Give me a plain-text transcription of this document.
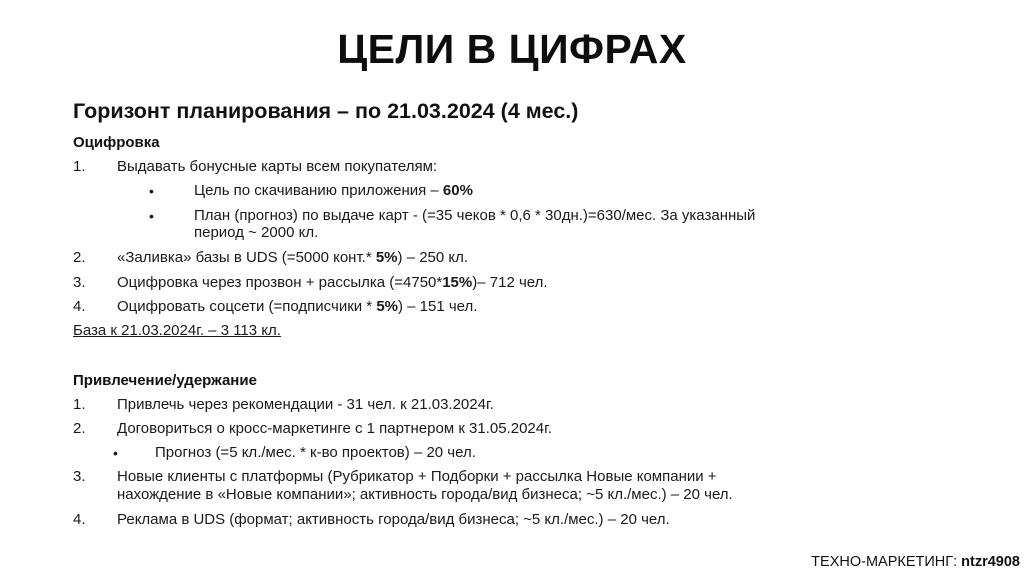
ЦЕЛИ В ЦИФРАХ
Горизонт планирования – по 21.03.2024 (4 мес.)
Оцифровка
1. Выдавать бонусные карты всем покупателям:
•	Цель по скачиванию приложения – 60%
•	План (прогноз) по выдаче карт - (=35 чеков * 0,6 * 30дн.)=630/мес. За указанный
период ~ 2000 кл.
2. «Заливка» базы в UDS (=5000 конт.* 5%) – 250 кл.
3. Оцифровка через прозвон + рассылка (=4750*15%)– 712 чел.
4. Оцифровать соцсети (=подписчики * 5%) – 151 чел.
База к 21.03.2024г. – 3 113 кл.
Привлечение/удержание
1. Привлечь через рекомендации - 31 чел. к 21.03.2024г.
2. Договориться о кросс-маркетинге с 1 партнером к 31.05.2024г.
• Прогноз (=5 кл./мес. * к-во проектов) – 20 чел.
3. Новые клиенты с платформы (Рубрикатор + Подборки + рассылка Новые компании +
нахождение в «Новые компании»; активность города/вид бизнеса; ~5 кл./мес.) – 20 чел.
4. Реклама в UDS (формат; активность города/вид бизнеса; ~5 кл./мес.) – 20 чел.
ТЕХНО-МАРКЕТИНГ: ntzr4908
